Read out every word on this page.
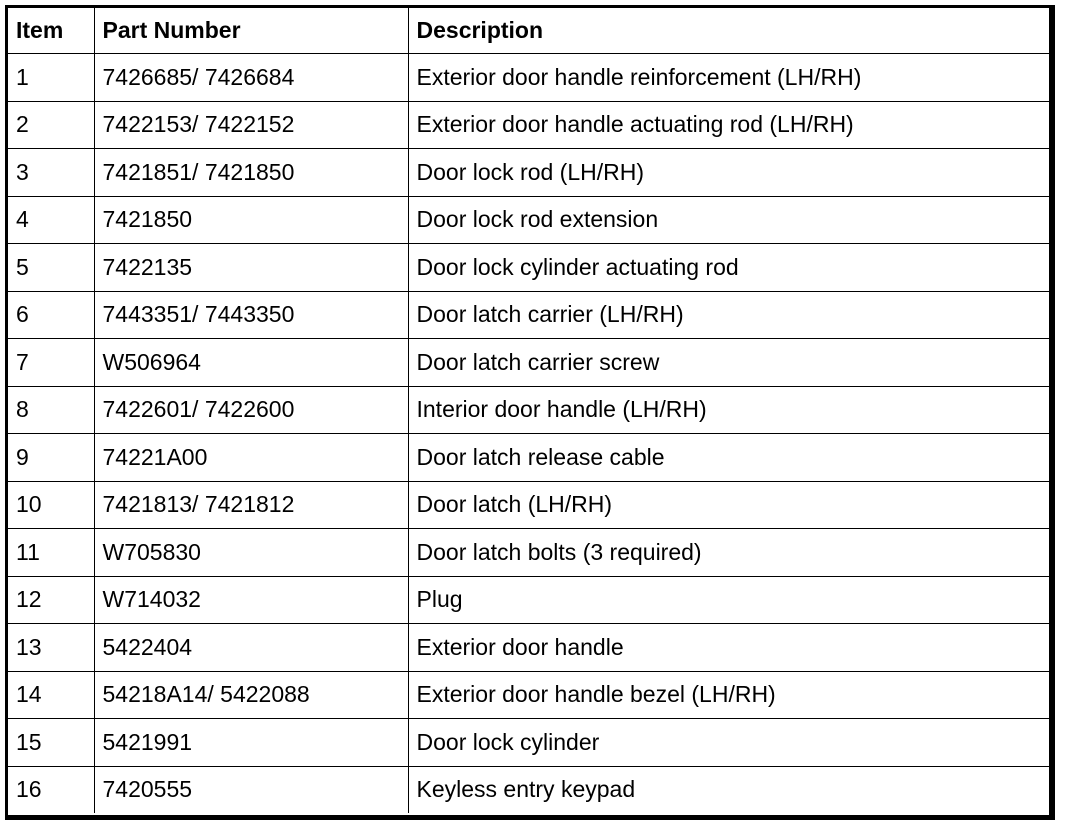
Item	Part Number	Description
1	7426685/ 7426684	Exterior door handle reinforcement (LH/RH)
2	7422153/ 7422152	Exterior door handle actuating rod (LH/RH)
3	7421851/ 7421850	Door lock rod (LH/RH)
4	7421850	Door lock rod extension
5	7422135	Door lock cylinder actuating rod
6	7443351/ 7443350	Door latch carrier (LH/RH)
7	W506964	Door latch carrier screw
8	7422601/ 7422600	Interior door handle (LH/RH)
9	74221A00	Door latch release cable
10	7421813/ 7421812	Door latch (LH/RH)
11	W705830	Door latch bolts (3 required)
12	W714032	Plug
13	5422404	Exterior door handle
14	54218A14/ 5422088	Exterior door handle bezel (LH/RH)
15	5421991	Door lock cylinder
16	7420555	Keyless entry keypad
